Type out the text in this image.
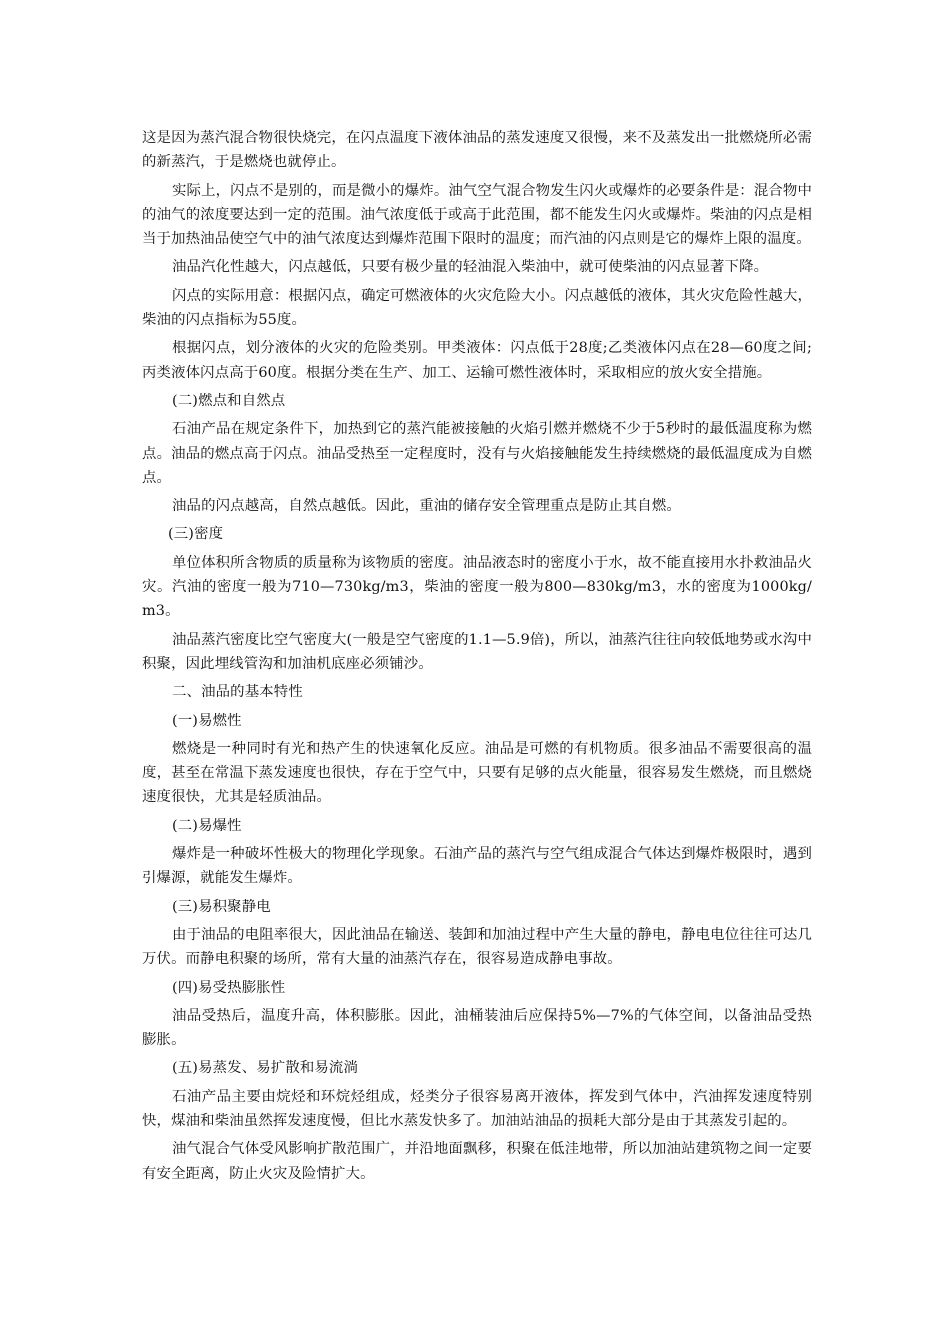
这是因为蒸汽混合物很快烧完，在闪点温度下液体油品的蒸发速度又很慢，来不及蒸发出一批燃烧所必需的新蒸汽，于是燃烧也就停止。

实际上，闪点不是别的，而是微小的爆炸。油气空气混合物发生闪火或爆炸的必要条件是：混合物中的油气的浓度要达到一定的范围。油气浓度低于或高于此范围，都不能发生闪火或爆炸。柴油的闪点是相当于加热油品使空气中的油气浓度达到爆炸范围下限时的温度；而汽油的闪点则是它的爆炸上限的温度。

油品汽化性越大，闪点越低，只要有极少量的轻油混入柴油中，就可使柴油的闪点显著下降。

闪点的实际用意：根据闪点，确定可燃液体的火灾危险大小。闪点越低的液体，其火灾危险性越大，柴油的闪点指标为55度。

根据闪点，划分液体的火灾的危险类别。甲类液体：闪点低于28度;乙类液体闪点在28—60度之间;丙类液体闪点高于60度。根据分类在生产、加工、运输可燃性液体时，采取相应的放火安全措施。

(二)燃点和自然点

石油产品在规定条件下，加热到它的蒸汽能被接触的火焰引燃并燃烧不少于5秒时的最低温度称为燃点。油品的燃点高于闪点。油品受热至一定程度时，没有与火焰接触能发生持续燃烧的最低温度成为自燃点。

油品的闪点越高，自然点越低。因此，重油的储存安全管理重点是防止其自燃。

(三)密度

单位体积所含物质的质量称为该物质的密度。油品液态时的密度小于水，故不能直接用水扑救油品火灾。汽油的密度一般为710—730kg/m3，柴油的密度一般为800—830kg/m3，水的密度为1000kg/m3。

油品蒸汽密度比空气密度大(一般是空气密度的1.1—5.9倍)，所以，油蒸汽往往向较低地势或水沟中积聚，因此埋线管沟和加油机底座必须铺沙。

二、油品的基本特性

(一)易燃性

燃烧是一种同时有光和热产生的快速氧化反应。油品是可燃的有机物质。很多油品不需要很高的温度，甚至在常温下蒸发速度也很快，存在于空气中，只要有足够的点火能量，很容易发生燃烧，而且燃烧速度很快，尤其是轻质油品。

(二)易爆性

爆炸是一种破坏性极大的物理化学现象。石油产品的蒸汽与空气组成混合气体达到爆炸极限时，遇到引爆源，就能发生爆炸。

(三)易积聚静电

由于油品的电阻率很大，因此油品在输送、装卸和加油过程中产生大量的静电，静电电位往往可达几万伏。而静电积聚的场所，常有大量的油蒸汽存在，很容易造成静电事故。

(四)易受热膨胀性

油品受热后，温度升高，体积膨胀。因此，油桶装油后应保持5%—7%的气体空间，以备油品受热膨胀。

(五)易蒸发、易扩散和易流淌

石油产品主要由烷烃和环烷烃组成，烃类分子很容易离开液体，挥发到气体中，汽油挥发速度特别快，煤油和柴油虽然挥发速度慢，但比水蒸发快多了。加油站油品的损耗大部分是由于其蒸发引起的。

油气混合气体受风影响扩散范围广，并沿地面飘移，积聚在低洼地带，所以加油站建筑物之间一定要有安全距离，防止火灾及险情扩大。
